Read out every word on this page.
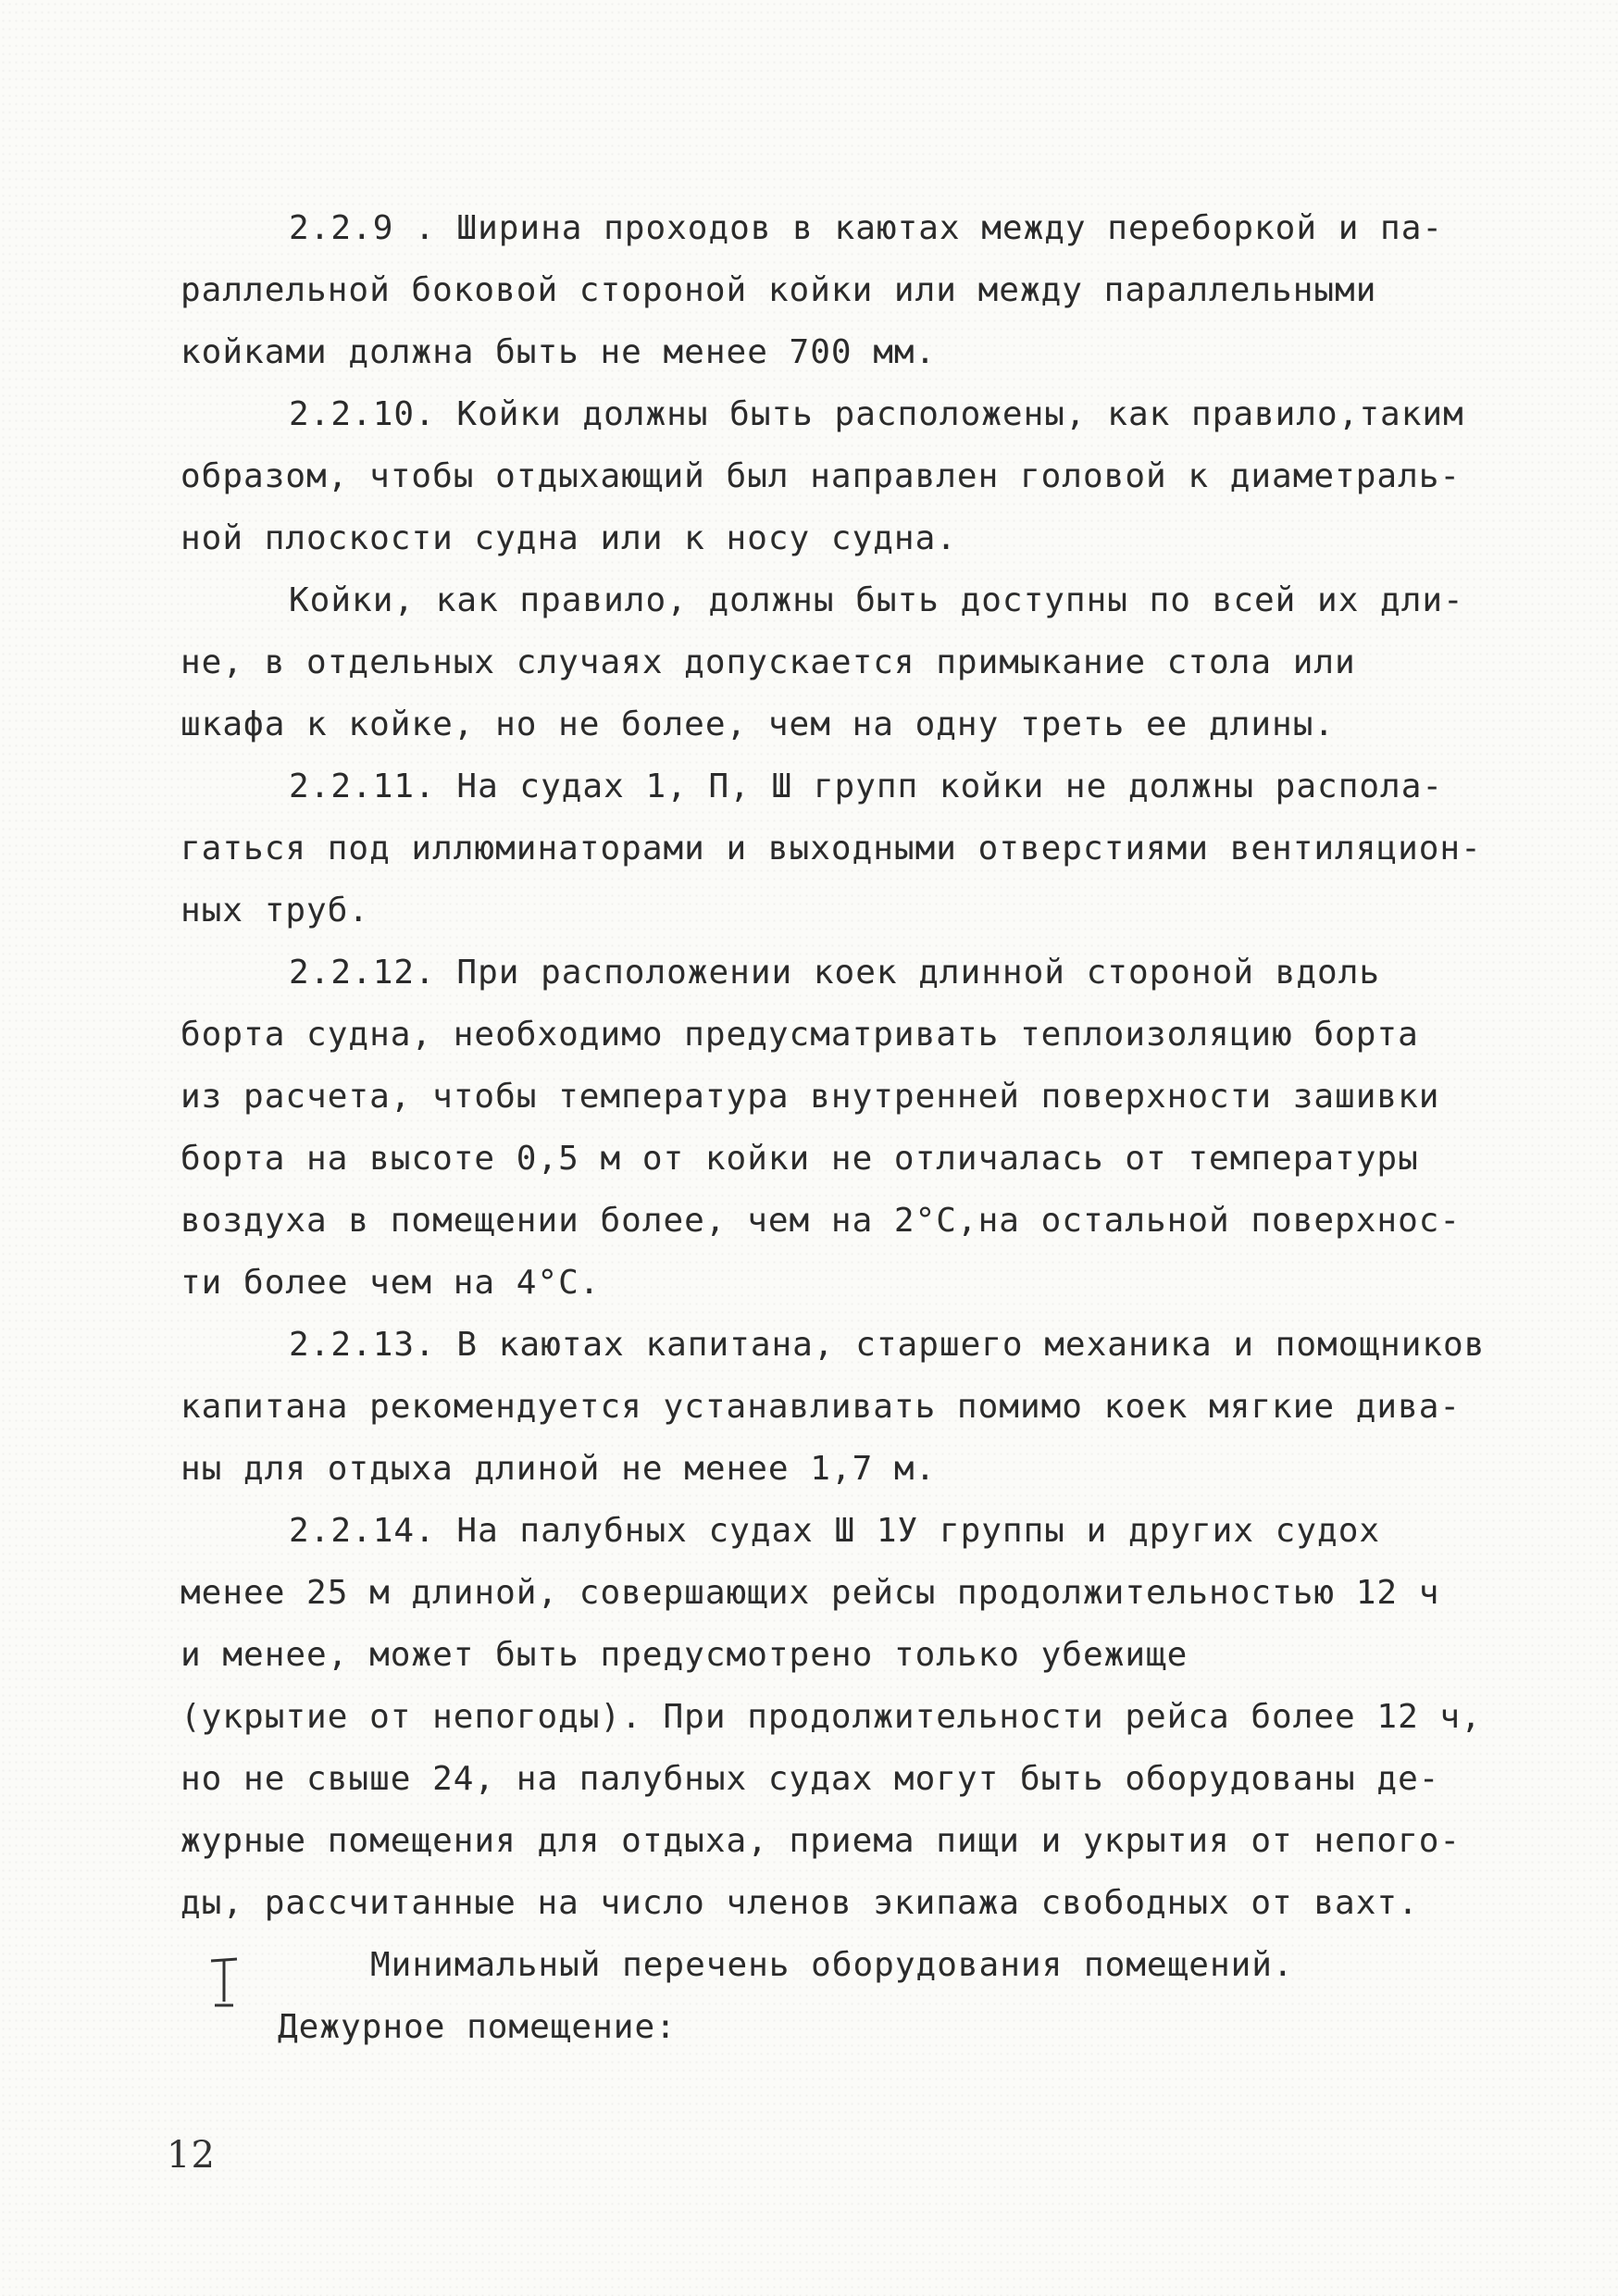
2.2.9 . Ширина проходов в каютах между переборкой и па-
раллельной боковой стороной койки или между параллельными
койками должна быть не менее 700 мм.
2.2.10. Койки должны быть расположены, как правило,таким
образом, чтобы отдыхающий был направлен головой к диаметраль-
ной плоскости судна или к носу судна.
Койки, как правило, должны быть доступны по всей их дли-
не, в отдельных случаях допускается примыкание стола или
шкафа к койке, но не более, чем на одну треть ее длины.
2.2.11. На судах 1, П, Ш групп койки не должны распола-
гаться под иллюминаторами и выходными отверстиями вентиляцион-
ных труб.
2.2.12. При расположении коек длинной стороной вдоль
борта судна, необходимо предусматривать теплоизоляцию борта
из расчета, чтобы температура внутренней поверхности зашивки
борта на высоте 0,5 м от койки не отличалась от температуры
воздуха в помещении более, чем на 2°С,на остальной поверхнос-
ти более чем на 4°С.
2.2.13. В каютах капитана, старшего механика и помощников
капитана рекомендуется устанавливать помимо коек мягкие дива-
ны для отдыха длиной не менее 1,7 м.
2.2.14. На палубных судах Ш 1У группы и других судох
менее 25 м длиной, совершающих рейсы продолжительностью 12 ч
и менее, может быть предусмотрено только убежище
(укрытие от непогоды). При продолжительности рейса более 12 ч,
но не свыше 24, на палубных судах могут быть оборудованы де-
журные помещения для отдыха, приема пищи и укрытия от непого-
ды, рассчитанные на число членов экипажа свободных от вахт.
Минимальный перечень оборудования помещений.
Дежурное помещение:
12
